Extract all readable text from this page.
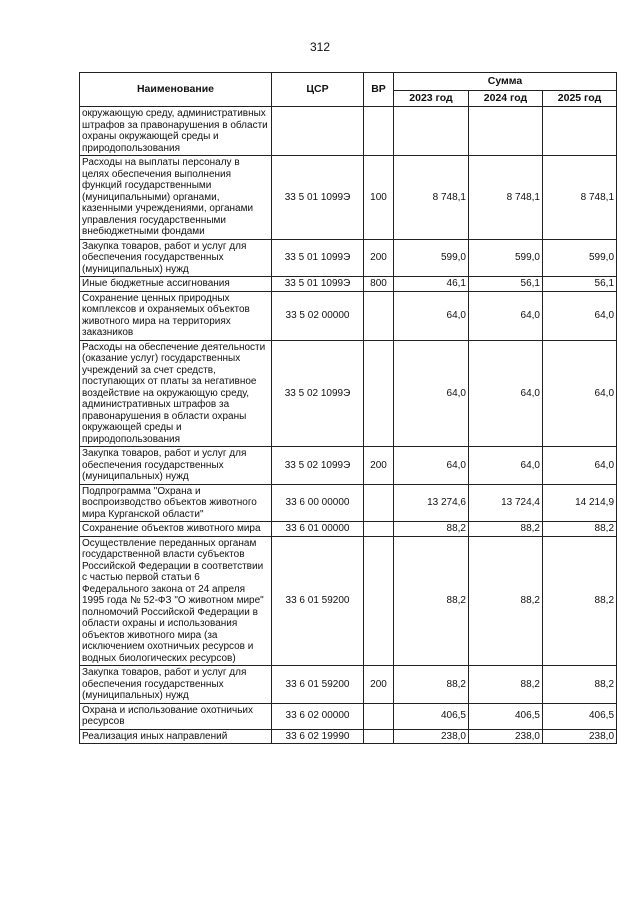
312
Наименование	ЦСР	ВР	Сумма		
			2023 год	2024 год	2025 год
окружающую среду, административных штрафов за правонарушения в области охраны окружающей среды и природопользования					
Расходы на выплаты персоналу в целях обеспечения выполнения функций государственными (муниципальными) органами, казенными учреждениями, органами управления государственными внебюджетными фондами	33 5 01 1099Э	100	8 748,1	8 748,1	8 748,1
Закупка товаров, работ и услуг для обеспечения государственных (муниципальных) нужд	33 5 01 1099Э	200	599,0	599,0	599,0
Иные бюджетные ассигнования	33 5 01 1099Э	800	46,1	56,1	56,1
Сохранение ценных природных комплексов и охраняемых объектов животного мира на территориях заказников	33 5 02 00000		64,0	64,0	64,0
Расходы на обеспечение деятельности (оказание услуг) государственных учреждений за счет средств, поступающих от платы за негативное воздействие на окружающую среду, административных штрафов за правонарушения в области охраны окружающей среды и природопользования	33 5 02 1099Э		64,0	64,0	64,0
Закупка товаров, работ и услуг для обеспечения государственных (муниципальных) нужд	33 5 02 1099Э	200	64,0	64,0	64,0
Подпрограмма "Охрана и воспроизводство объектов животного мира Курганской области"	33 6 00 00000		13 274,6	13 724,4	14 214,9
Сохранение объектов животного мира	33 6 01 00000		88,2	88,2	88,2
Осуществление переданных органам государственной власти субъектов Российской Федерации в соответствии с частью первой статьи 6 Федерального закона от 24 апреля 1995 года № 52-ФЗ "О животном мире" полномочий Российской Федерации в области охраны и использования объектов животного мира (за исключением охотничьих ресурсов и водных биологических ресурсов)	33 6 01 59200		88,2	88,2	88,2
Закупка товаров, работ и услуг для обеспечения государственных (муниципальных) нужд	33 6 01 59200	200	88,2	88,2	88,2
Охрана и использование охотничьих ресурсов	33 6 02 00000		406,5	406,5	406,5
Реализация иных направлений	33 6 02 19990		238,0	238,0	238,0
